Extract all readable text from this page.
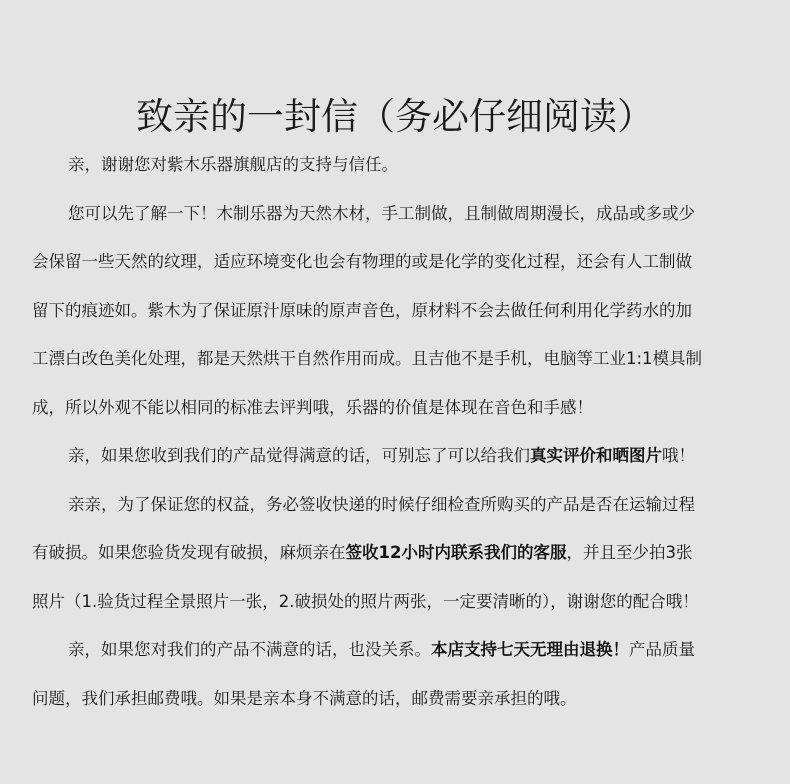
致亲的一封信（务必仔细阅读）

亲，谢谢您对紫木乐器旗舰店的支持与信任。

您可以先了解一下！木制乐器为天然木材，手工制做，且制做周期漫长，成品或多或少
会保留一些天然的纹理，适应环境变化也会有物理的或是化学的变化过程，还会有人工制做
留下的痕迹如。紫木为了保证原汁原味的原声音色，原材料不会去做任何利用化学药水的加
工漂白改色美化处理，都是天然烘干自然作用而成。且吉他不是手机，电脑等工业1:1模具制
成，所以外观不能以相同的标准去评判哦，乐器的价值是体现在音色和手感！

亲，如果您收到我们的产品觉得满意的话，可别忘了可以给我们真实评价和晒图片哦！

亲亲，为了保证您的权益，务必签收快递的时候仔细检查所购买的产品是否在运输过程
有破损。如果您验货发现有破损，麻烦亲在签收12小时内联系我们的客服，并且至少拍3张
照片（1.验货过程全景照片一张，2.破损处的照片两张，一定要清晰的），谢谢您的配合哦！

亲，如果您对我们的产品不满意的话，也没关系。本店支持七天无理由退换！产品质量
问题，我们承担邮费哦。如果是亲本身不满意的话，邮费需要亲承担的哦。
